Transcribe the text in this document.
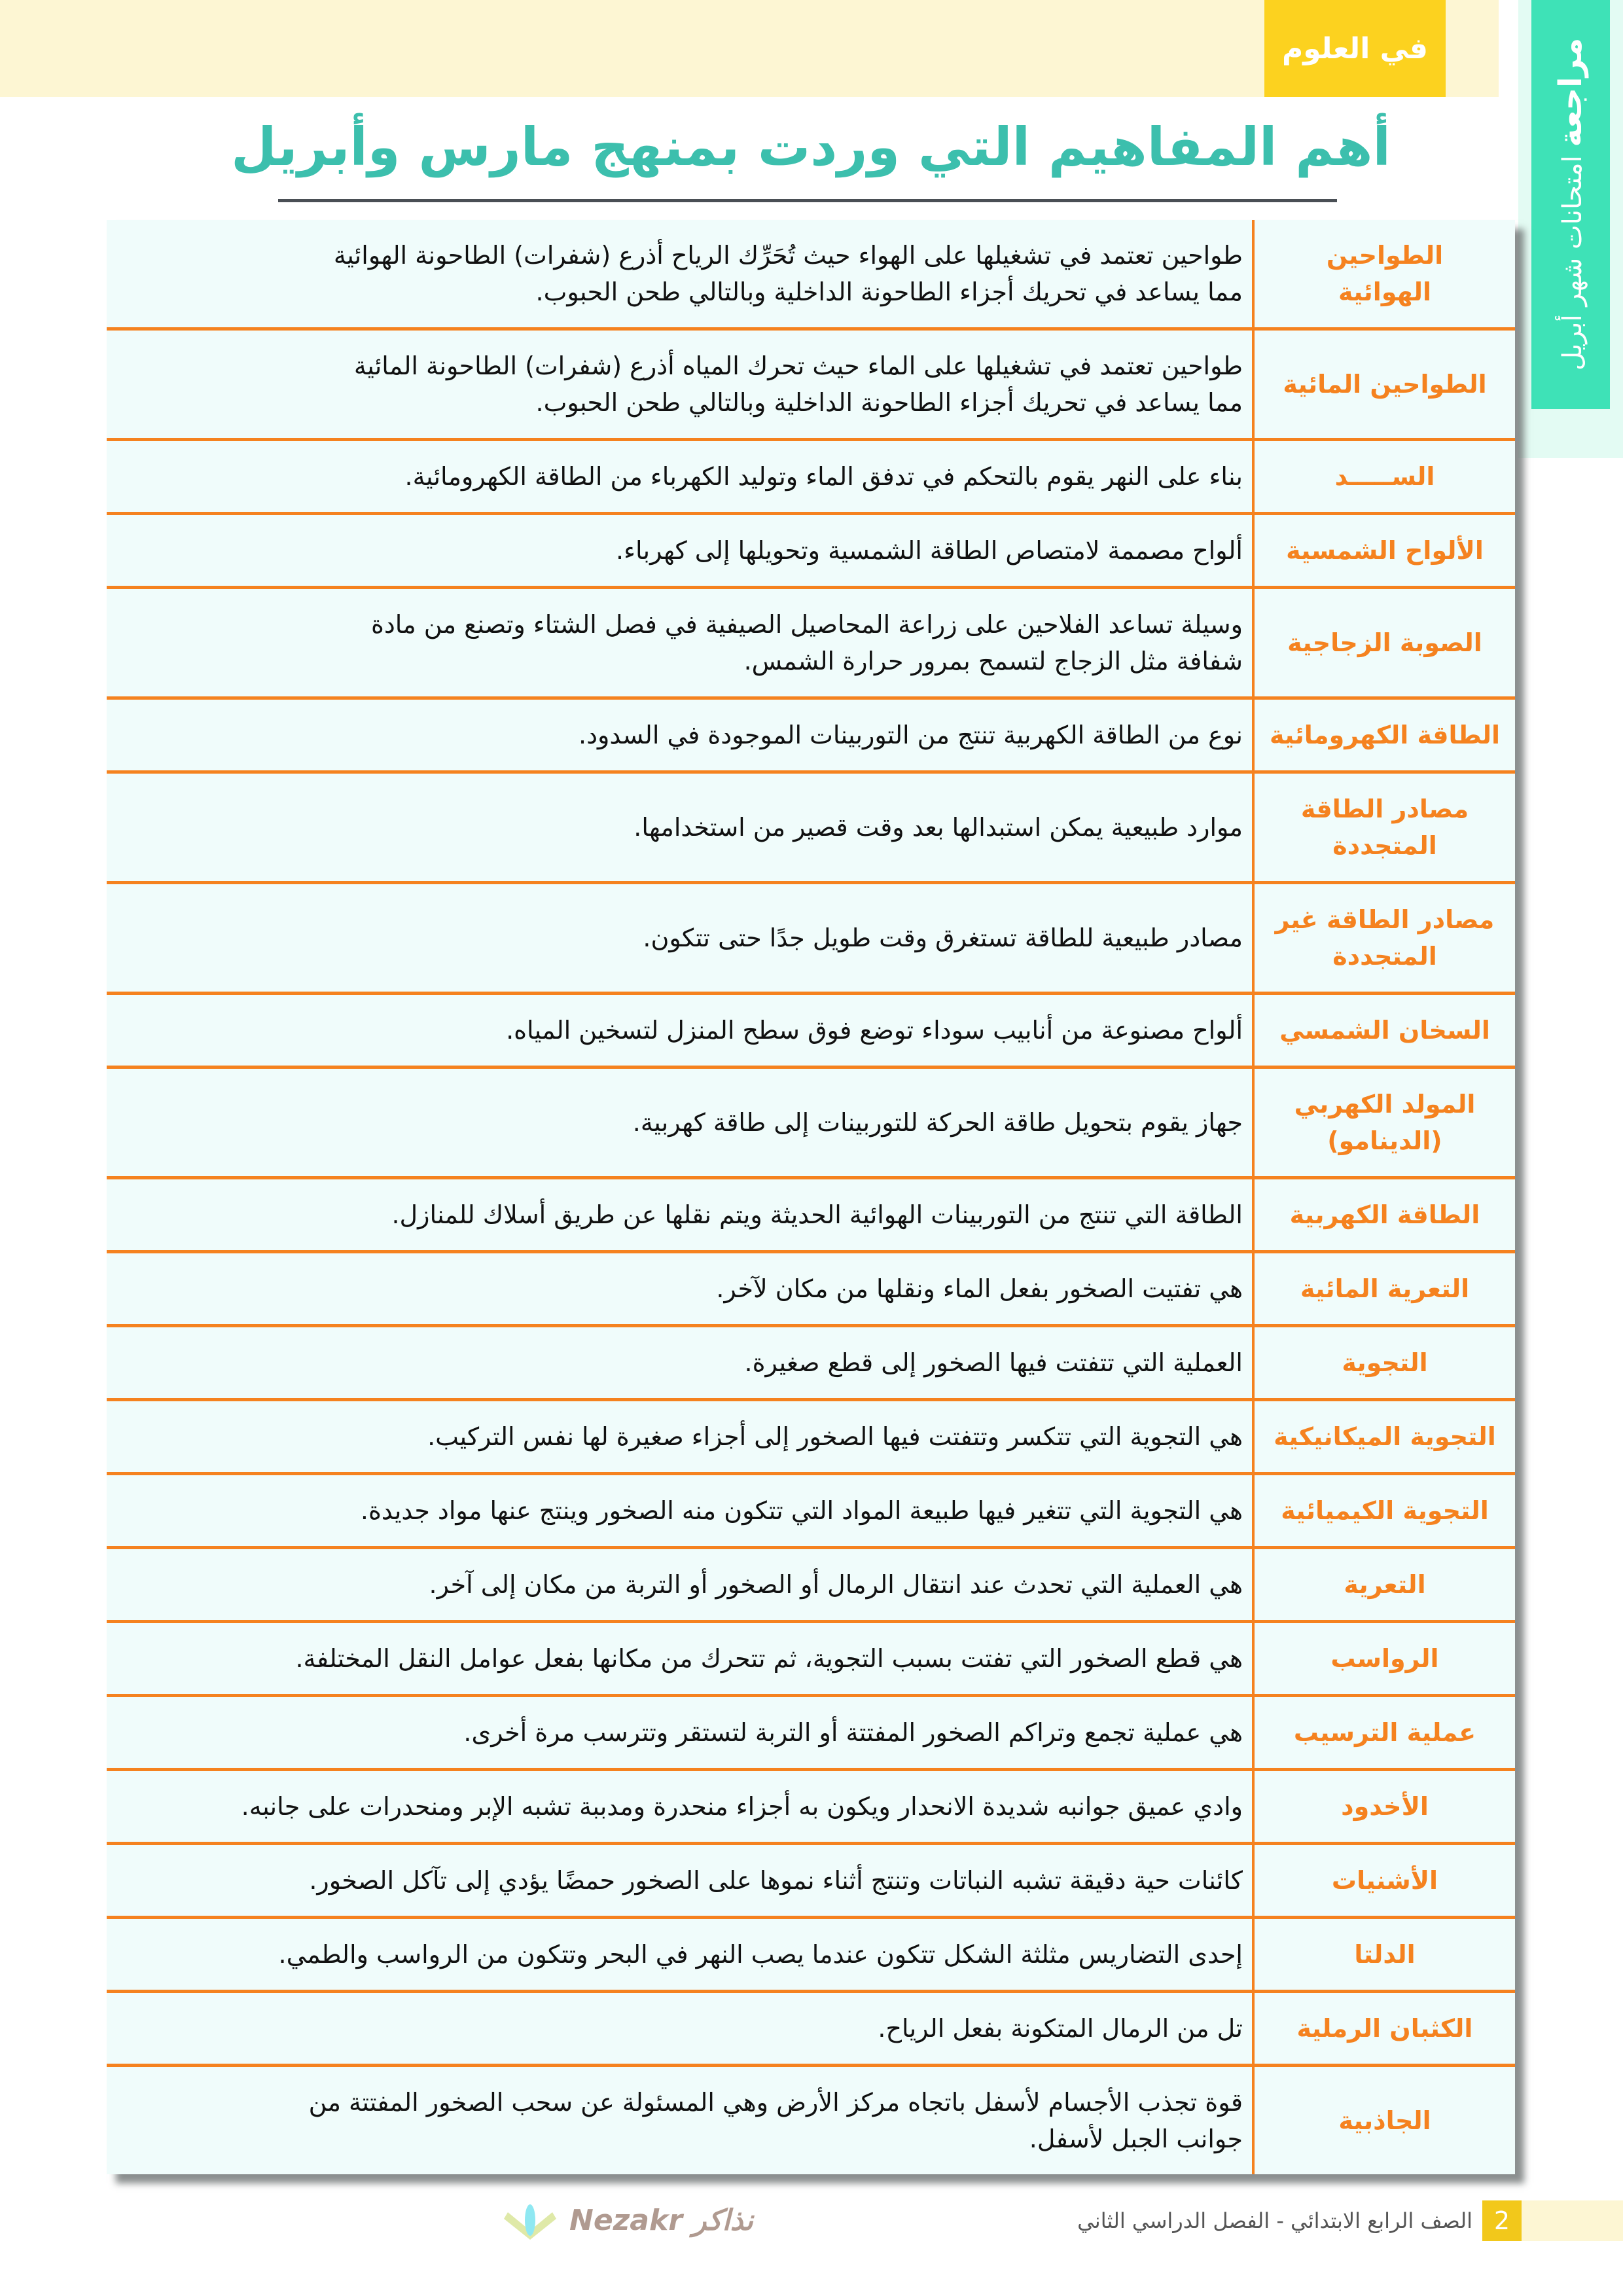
في العلوم	مراجعة امتحانات شهر أبريل
أهم المفاهيم التي وردت بمنهج مارس وأبريل
الطواحين
الهوائية	طواحين تعتمد في تشغيلها على الهواء حيث تُحَرِّك الرياح أذرع (شفرات) الطاحونة الهوائية
مما يساعد في تحريك أجزاء الطاحونة الداخلية وبالتالي طحن الحبوب.
الطواحين المائية	طواحين تعتمد في تشغيلها على الماء حيث تحرك المياه أذرع (شفرات) الطاحونة المائية
مما يساعد في تحريك أجزاء الطاحونة الداخلية وبالتالي طحن الحبوب.
الســـــد	بناء على النهر يقوم بالتحكم في تدفق الماء وتوليد الكهرباء من الطاقة الكهرومائية.
الألواح الشمسية	ألواح مصممة لامتصاص الطاقة الشمسية وتحويلها إلى كهرباء.
الصوبة الزجاجية	وسيلة تساعد الفلاحين على زراعة المحاصيل الصيفية في فصل الشتاء وتصنع من مادة
شفافة مثل الزجاج لتسمح بمرور حرارة الشمس.
الطاقة الكهرومائية	نوع من الطاقة الكهربية تنتج من التوربينات الموجودة في السدود.
مصادر الطاقة
المتجددة	موارد طبيعية يمكن استبدالها بعد وقت قصير من استخدامها.
مصادر الطاقة غير
المتجددة	مصادر طبيعية للطاقة تستغرق وقت طويل جدًا حتى تتكون.
السخان الشمسي	ألواح مصنوعة من أنابيب سوداء توضع فوق سطح المنزل لتسخين المياه.
المولد الكهربي
(الدينامو)	جهاز يقوم بتحويل طاقة الحركة للتوربينات إلى طاقة كهربية.
الطاقة الكهربية	الطاقة التي تنتج من التوربينات الهوائية الحديثة ويتم نقلها عن طريق أسلاك للمنازل.
التعرية المائية	هي تفتيت الصخور بفعل الماء ونقلها من مكان لآخر.
التجوية	العملية التي تتفتت فيها الصخور إلى قطع صغيرة.
التجوية الميكانيكية	هي التجوية التي تتكسر وتتفتت فيها الصخور إلى أجزاء صغيرة لها نفس التركيب.
التجوية الكيميائية	هي التجوية التي تتغير فيها طبيعة المواد التي تتكون منه الصخور وينتج عنها مواد جديدة.
التعرية	هي العملية التي تحدث عند انتقال الرمال أو الصخور أو التربة من مكان إلى آخر.
الرواسب	هي قطع الصخور التي تفتت بسبب التجوية، ثم تتحرك من مكانها بفعل عوامل النقل المختلفة.
عملية الترسيب	هي عملية تجمع وتراكم الصخور المفتتة أو التربة لتستقر وتترسب مرة أخرى.
الأخدود	وادي عميق جوانبه شديدة الانحدار ويكون به أجزاء منحدرة ومدببة تشبه الإبر ومنحدرات على جانبه.
الأشنيات	كائنات حية دقيقة تشبه النباتات وتنتج أثناء نموها على الصخور حمضًا يؤدي إلى تآكل الصخور.
الدلتا	إحدى التضاريس مثلثة الشكل تتكون عندما يصب النهر في البحر وتتكون من الرواسب والطمي.
الكثبان الرملية	تل من الرمال المتكونة بفعل الرياح.
الجاذبية	قوة تجذب الأجسام لأسفل باتجاه مركز الأرض وهي المسئولة عن سحب الصخور المفتتة من
جوانب الجبل لأسفل.
2
الصف الرابع الابتدائي - الفصل الدراسي الثاني
Nezakr نذاكر
